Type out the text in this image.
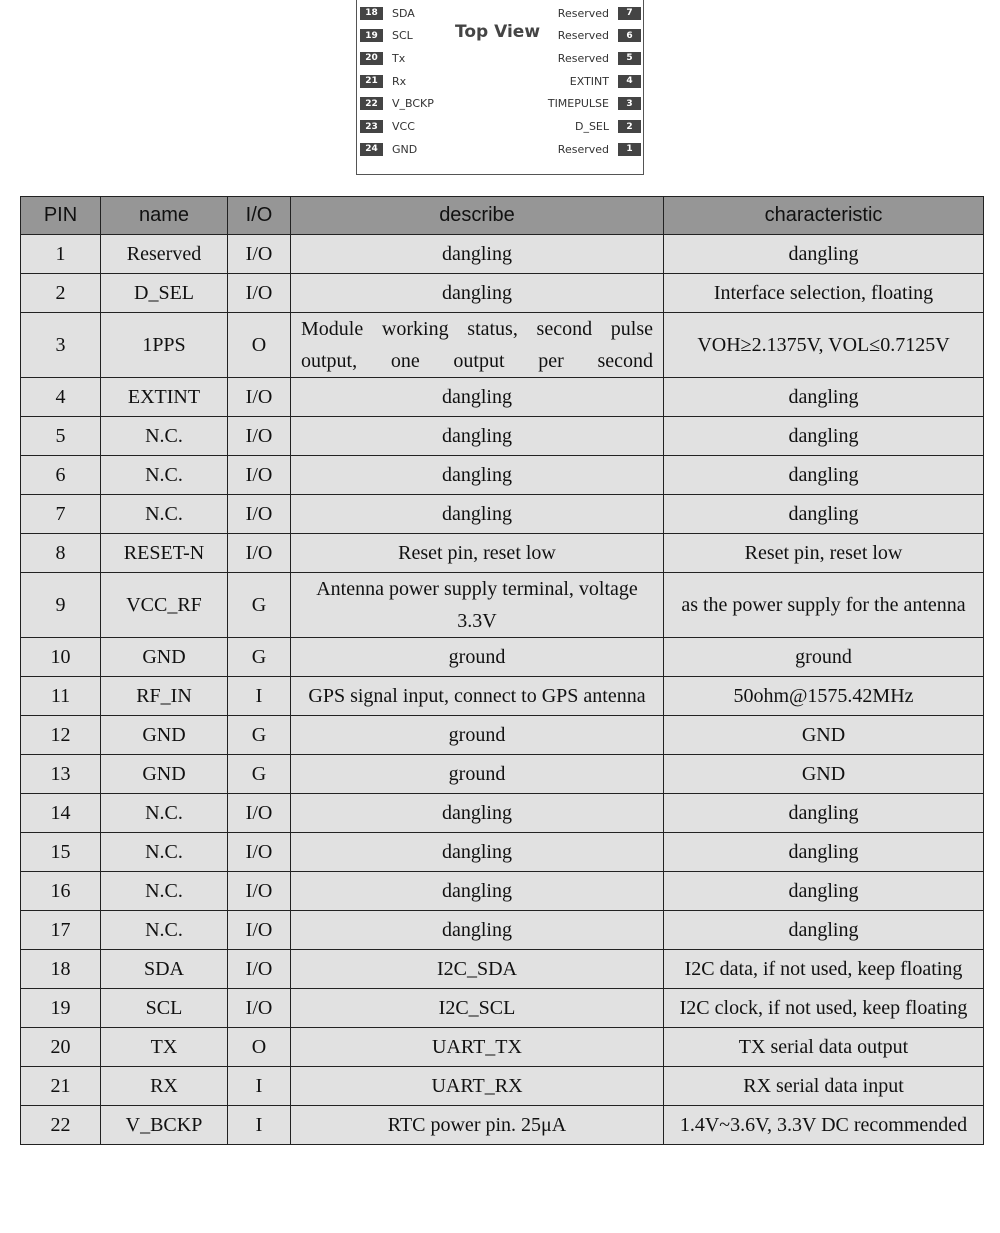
Top View
18	SDA
19	SCL
20	Tx
21	Rx
22	V_BCKP
23	VCC
24	GND
7
Reserved
6
Reserved
5
Reserved
4
EXTINT
3
TIMEPULSE
2
D_SEL
1
Reserved
PIN	name	I/O	describe	characteristic
1	Reserved	I/O	dangling	dangling
2	D_SEL	I/O	dangling	Interface selection, floating
3	1PPS	O	Module working status, second pulse output, one output per second	VOH≥2.1375V, VOL≤0.7125V
4	EXTINT	I/O	dangling	dangling
5	N.C.	I/O	dangling	dangling
6	N.C.	I/O	dangling	dangling
7	N.C.	I/O	dangling	dangling
8	RESET-N	I/O	Reset pin, reset low	Reset pin, reset low
9	VCC_RF	G	Antenna power supply terminal, voltage 3.3V	as the power supply for the antenna
10	GND	G	ground	ground
11	RF_IN	I	GPS signal input, connect to GPS antenna	50ohm@1575.42MHz
12	GND	G	ground	GND
13	GND	G	ground	GND
14	N.C.	I/O	dangling	dangling
15	N.C.	I/O	dangling	dangling
16	N.C.	I/O	dangling	dangling
17	N.C.	I/O	dangling	dangling
18	SDA	I/O	I2C_SDA	I2C data, if not used, keep floating
19	SCL	I/O	I2C_SCL	I2C clock, if not used, keep floating
20	TX	O	UART_TX	TX serial data output
21	RX	I	UART_RX	RX serial data input
22	V_BCKP	I	RTC power pin. 25μA	1.4V~3.6V, 3.3V DC recommended
